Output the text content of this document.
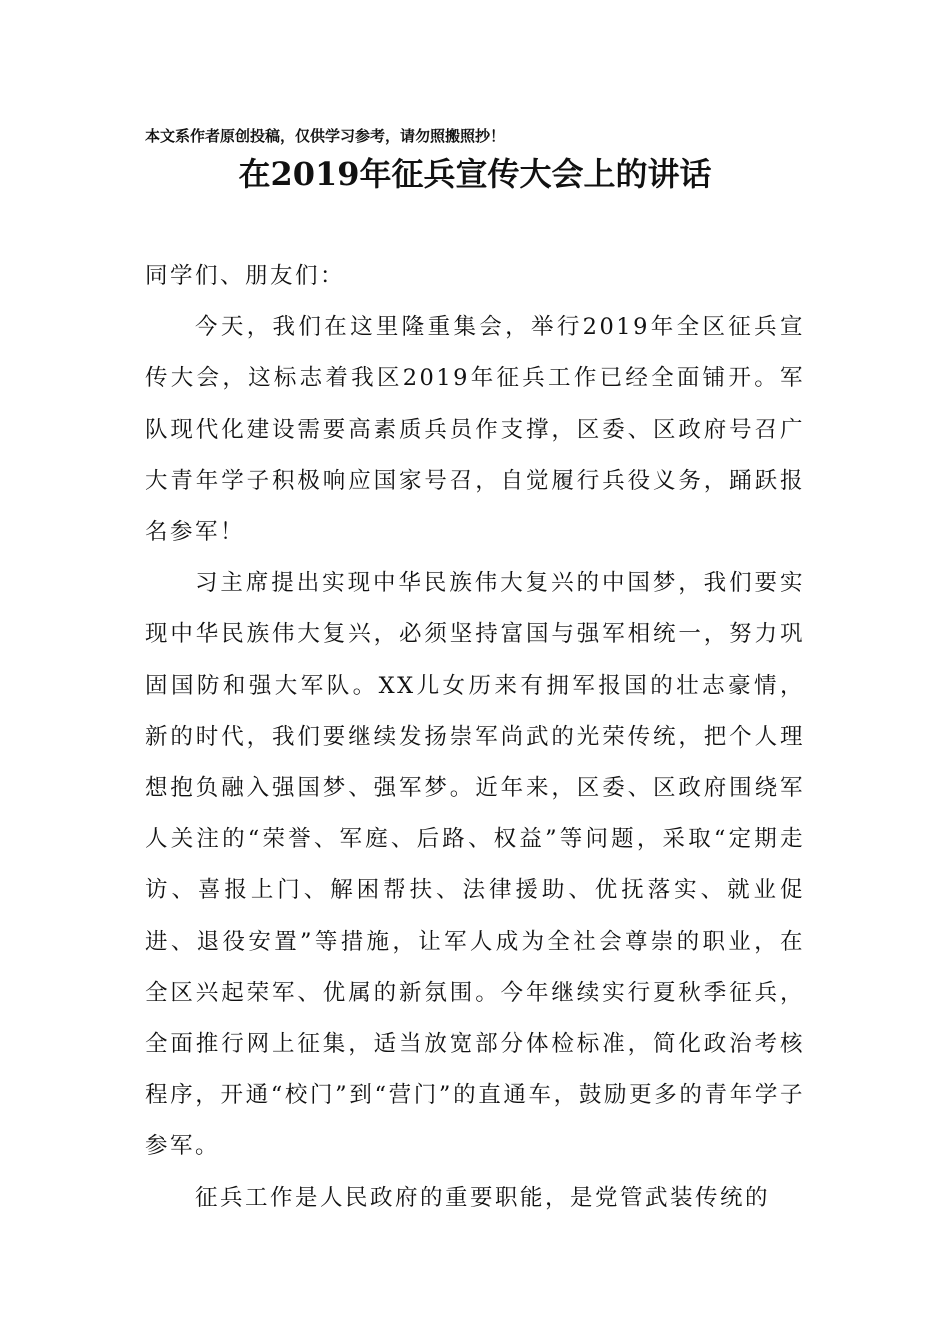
本文系作者原创投稿，仅供学习参考，请勿照搬照抄！
在2019年征兵宣传大会上的讲话

同学们、朋友们：

今天，我们在这里隆重集会，举行2019年全区征兵宣传大会，这标志着我区2019年征兵工作已经全面铺开。军队现代化建设需要高素质兵员作支撑，区委、区政府号召广大青年学子积极响应国家号召，自觉履行兵役义务，踊跃报名参军！

习主席提出实现中华民族伟大复兴的中国梦，我们要实现中华民族伟大复兴，必须坚持富国与强军相统一，努力巩固国防和强大军队。XX儿女历来有拥军报国的壮志豪情，新的时代，我们要继续发扬崇军尚武的光荣传统，把个人理想抱负融入强国梦、强军梦。近年来，区委、区政府围绕军人关注的“荣誉、军庭、后路、权益”等问题，采取“定期走访、喜报上门、解困帮扶、法律援助、优抚落实、就业促进、退役安置”等措施，让军人成为全社会尊崇的职业，在全区兴起荣军、优属的新氛围。今年继续实行夏秋季征兵，全面推行网上征集，适当放宽部分体检标准，简化政治考核程序，开通“校门”到“营门”的直通车，鼓励更多的青年学子参军。

征兵工作是人民政府的重要职能，是党管武装传统的
